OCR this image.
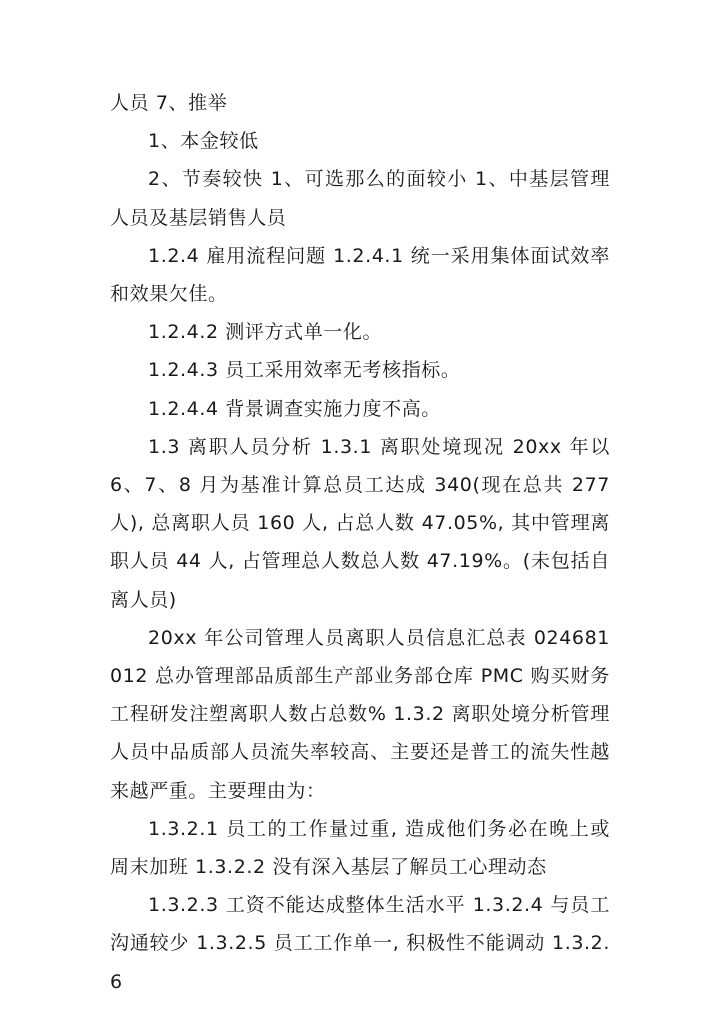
人员 7、推举

1、本金较低

2、节奏较快 1、可选那么的面较小 1、中基层管理人员及基层销售人员

1.2.4 雇用流程问题 1.2.4.1 统一采用集体面试效率和效果欠佳。

1.2.4.2 测评方式单一化。

1.2.4.3 员工采用效率无考核指标。

1.2.4.4 背景调查实施力度不高。

1.3 离职人员分析 1.3.1 离职处境现况 20xx 年以 6、7、8 月为基准计算总员工达成 340(现在总共 277 人), 总离职人员 160 人, 占总人数 47.05%, 其中管理离职人员 44 人, 占管理总人数总人数 47.19%。(未包括自离人员)

20xx 年公司管理人员离职人员信息汇总表 024681012 总办管理部品质部生产部业务部仓库 PMC 购买财务工程研发注塑离职人数占总数% 1.3.2 离职处境分析管理人员中品质部人员流失率较高、主要还是普工的流失性越来越严重。主要理由为：

1.3.2.1 员工的工作量过重, 造成他们务必在晚上或周末加班 1.3.2.2 没有深入基层了解员工心理动态

1.3.2.3 工资不能达成整体生活水平 1.3.2.4 与员工沟通较少 1.3.2.5 员工工作单一, 积极性不能调动 1.3.2.6
